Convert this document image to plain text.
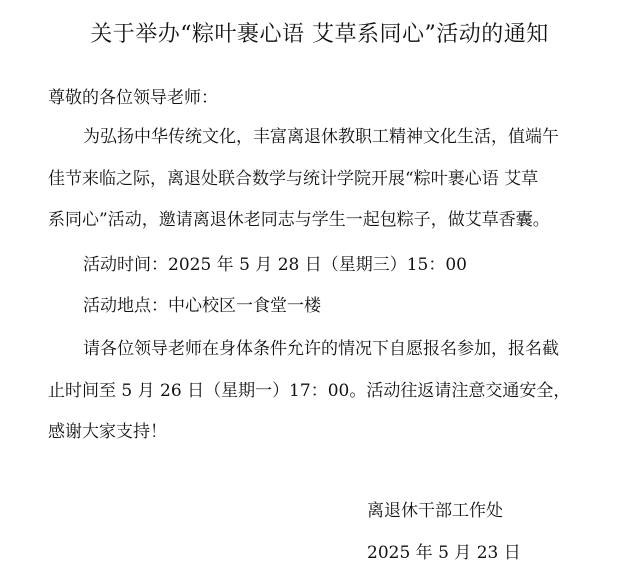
关于举办“粽叶裹心语 艾草系同心”活动的通知
尊敬的各位领导老师：
为弘扬中华传统文化，丰富离退休教职工精神文化生活，值端午
佳节来临之际，离退处联合数学与统计学院开展“粽叶裹心语 艾草
系同心”活动，邀请离退休老同志与学生一起包粽子，做艾草香囊。
活动时间：2025 年 5 月 28 日（星期三）15：00
活动地点：中心校区一食堂一楼
请各位领导老师在身体条件允许的情况下自愿报名参加，报名截
止时间至 5 月 26 日（星期一）17：00。活动往返请注意交通安全，
感谢大家支持！
离退休干部工作处
2025 年 5 月 23 日
